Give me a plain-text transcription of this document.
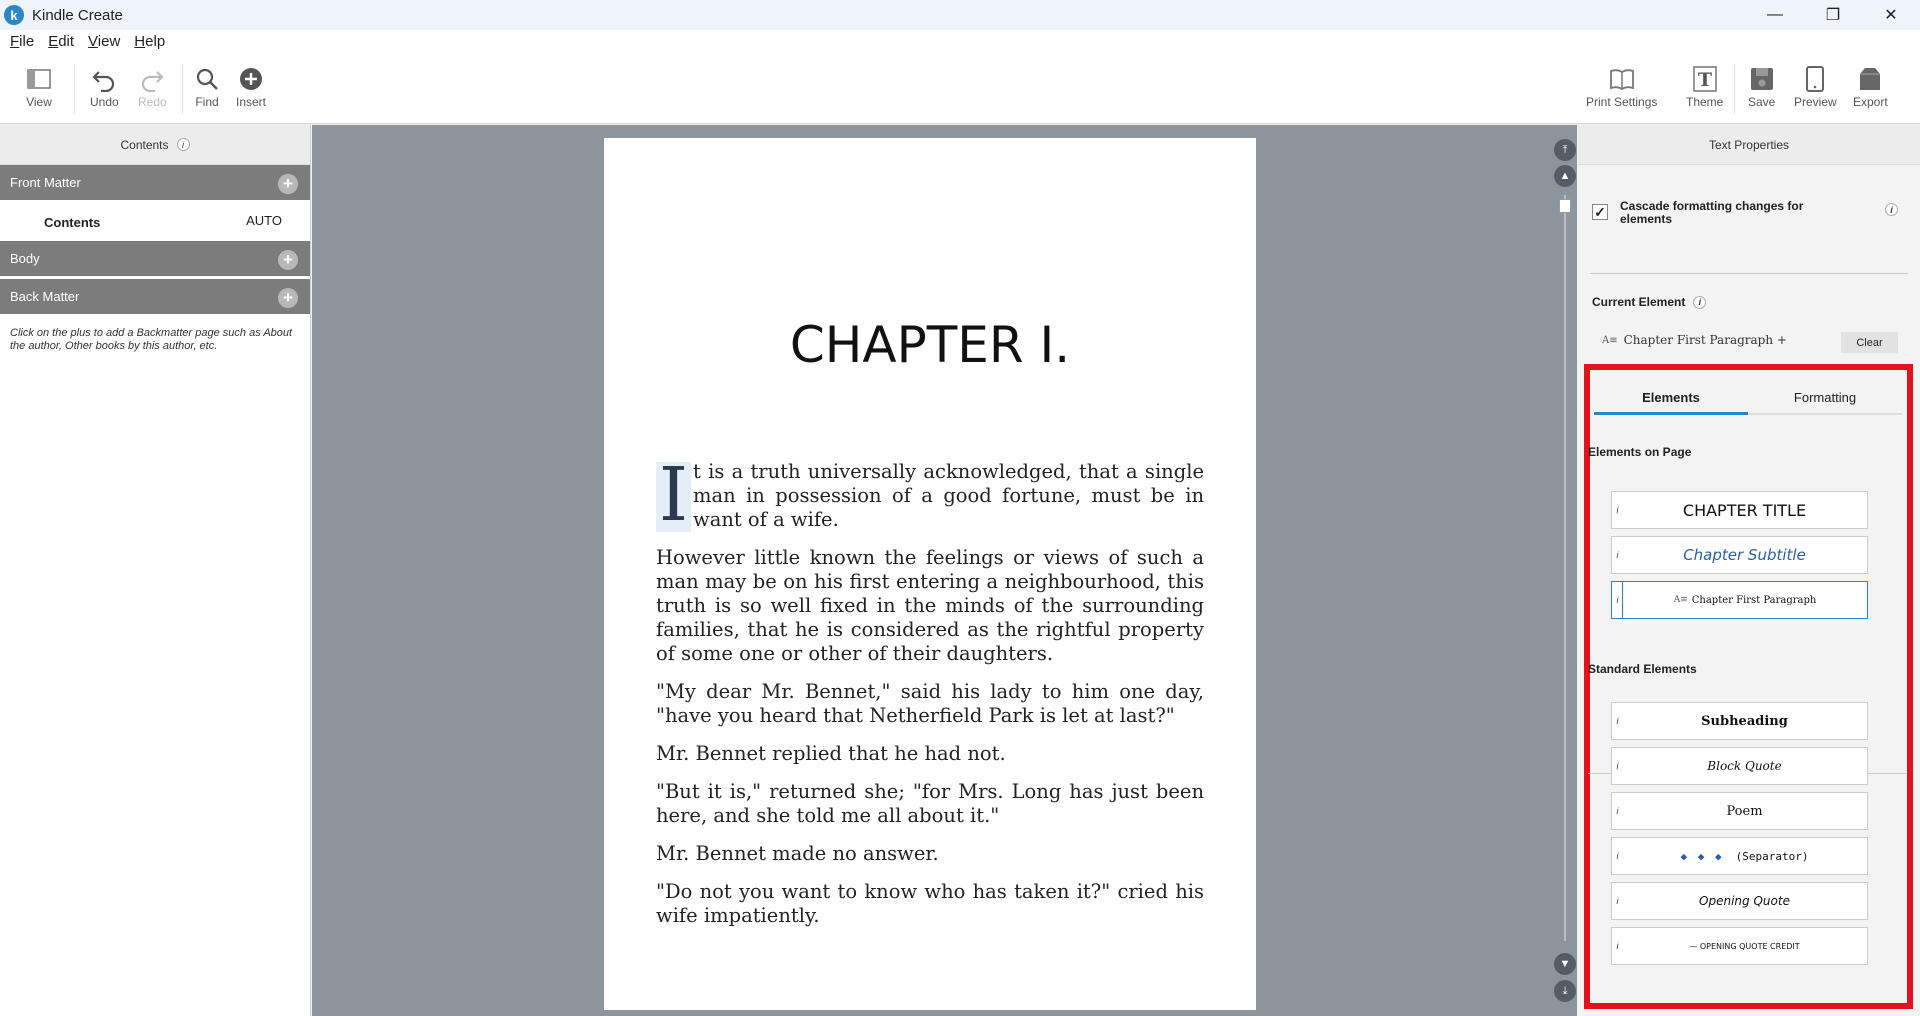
k Kindle Create	—	❐	✕
File Edit View Help
View	Undo Redo Find Insert	Print Settings
T
Theme Save Preview Export
Contents	i
Front Matter	+
Contents	AUTO
Body	+
Back Matter	+
Click on the plus to add a Backmatter page such as About the author, Other books by this author, etc.	CHAPTER I.

I t is a truth universally acknowledged, that a single man in possession of a good fortune, must be in want of a wife.

However little known the feelings or views of such a man may be on his first entering a neighbourhood, this truth is so well fixed in the minds of the surrounding families, that he is considered as the rightful property of some one or other of their daughters.

"My dear Mr. Bennet," said his lady to him one day, "have you heard that Netherfield Park is let at last?"

Mr. Bennet replied that he had not.

"But it is," returned she; "for Mrs. Long has just been here, and she told me all about it."

Mr. Bennet made no answer.

"Do not you want to know who has taken it?" cried his wife impatiently.

⤒
▲
▼
⤓
Text Properties
✓ Cascade formatting changes for elements
i
Current Element	i
A≡ Chapter First Paragraph +	Clear
Elements	Formatting
Elements on Page
i	CHAPTER TITLE
i	Chapter Subtitle
i	A≡ Chapter First Paragraph
Standard Elements
i	Subheading
i	Block Quote
i	Poem
i	◆ ◆ ◆ (Separator)
i	Opening Quote
i	— OPENING QUOTE CREDIT
